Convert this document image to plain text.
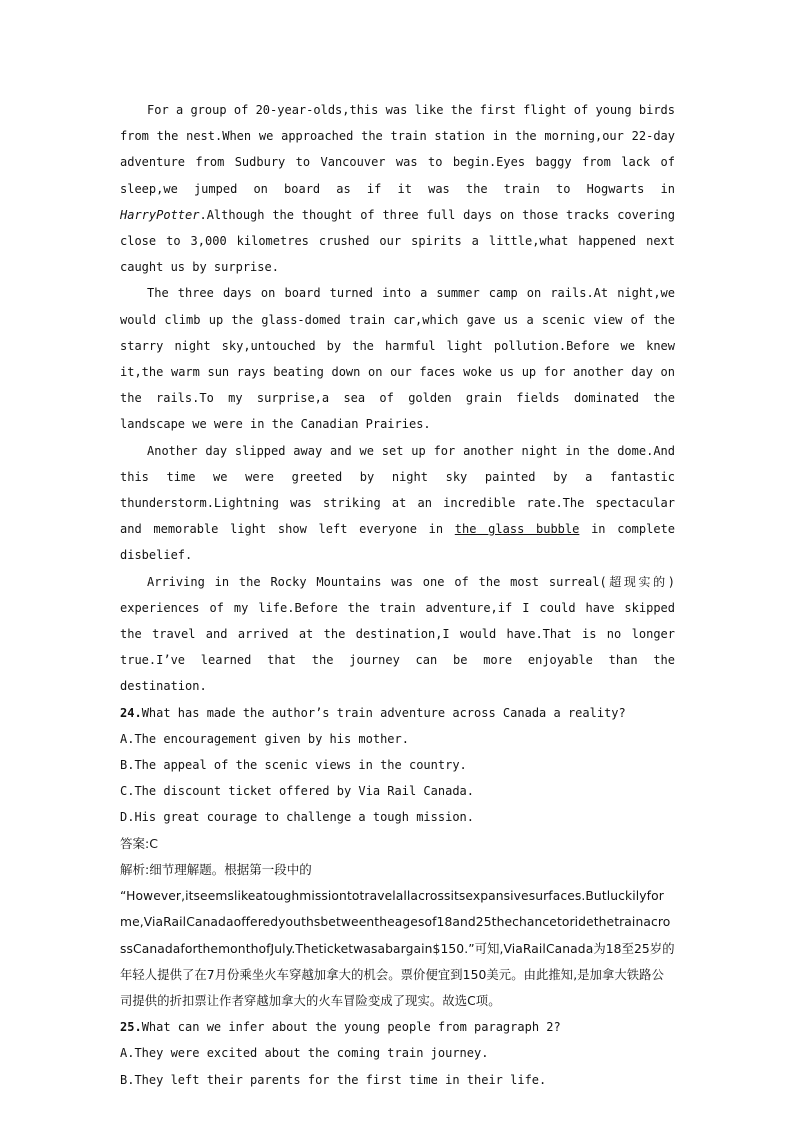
For a group of 20-year-olds,this was like the first flight of young birds from the nest.When we approached the train station in the morning,our 22-day adventure from Sudbury to Vancouver was to begin.Eyes baggy from lack of sleep,we jumped on board as if it was the train to Hogwarts in HarryPotter.Although the thought of three full days on those tracks covering close to 3,000 kilometres crushed our spirits a little,what happened next caught us by surprise.

The three days on board turned into a summer camp on rails.At night,we would climb up the glass-domed train car,which gave us a scenic view of the starry night sky,untouched by the harmful light pollution.Before we knew it,the warm sun rays beating down on our faces woke us up for another day on the rails.To my surprise,a sea of golden grain fields dominated the landscape we were in the Canadian Prairies.

Another day slipped away and we set up for another night in the dome.And this time we were greeted by night sky painted by a fantastic thunderstorm.Lightning was striking at an incredible rate.The spectacular and memorable light show left everyone in the glass bubble in complete disbelief.

Arriving in the Rocky Mountains was one of the most surreal(超现实的) experiences of my life.Before the train adventure,if I could have skipped the travel and arrived at the destination,I would have.That is no longer true.I’ve learned that the journey can be more enjoyable than the destination.

24.What has made the author’s train adventure across Canada a reality?

A.The encouragement given by his mother.

B.The appeal of the scenic views in the country.

C.The discount ticket offered by Via Rail Canada.

D.His great courage to challenge a tough mission.

答案:C

解析:细节理解题。根据第一段中的

“However,itseemslikeatoughmissiontotravelallacrossitsexpansivesurfaces.Butluckilyforme,ViaRailCanadaofferedyouthsbetweentheagesof18and25thechancetoridethetrainacrossCanadaforthemonthofJuly.Theticketwasabargain$150.”可知,ViaRailCanada为18至25岁的年轻人提供了在7月份乘坐火车穿越加拿大的机会。票价便宜到150美元。由此推知,是加拿大铁路公司提供的折扣票让作者穿越加拿大的火车冒险变成了现实。故选C项。

25.What can we infer about the young people from paragraph 2?

A.They were excited about the coming train journey.

B.They left their parents for the first time in their life.
